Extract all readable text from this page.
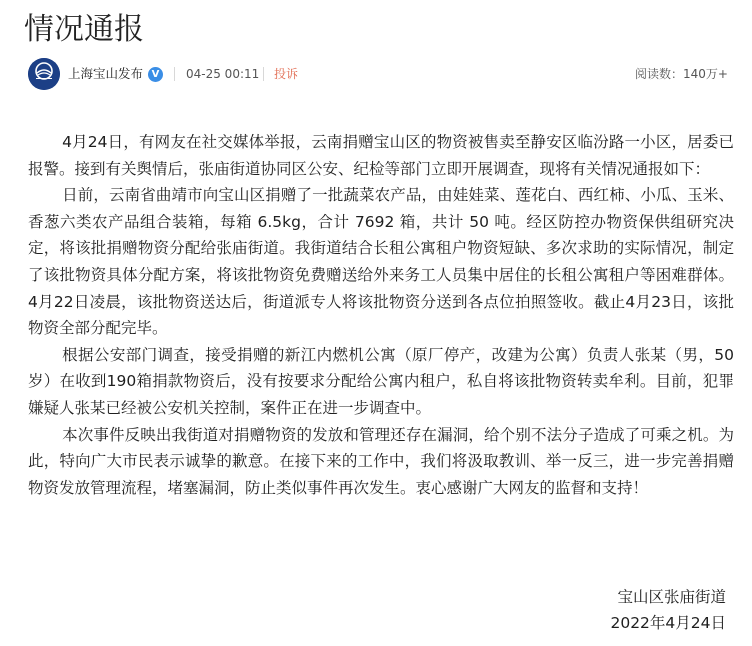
情况通报
上海宝山发布 V	04-25 00:11 投诉	阅读数：140万+

4月24日，有网友在社交媒体举报，云南捐赠宝山区的物资被售卖至静安区临汾路一小区，居委已报警。接到有关舆情后，张庙街道协同区公安、纪检等部门立即开展调查，现将有关情况通报如下：

日前，云南省曲靖市向宝山区捐赠了一批蔬菜农产品，由娃娃菜、莲花白、西红柿、小瓜、玉米、香葱六类农产品组合装箱，每箱 6.5kg，合计 7692 箱，共计 50 吨。经区防控办物资保供组研究决定，将该批捐赠物资分配给张庙街道。我街道结合长租公寓租户物资短缺、多次求助的实际情况，制定了该批物资具体分配方案，将该批物资免费赠送给外来务工人员集中居住的长租公寓租户等困难群体。4月22日凌晨，该批物资送达后，街道派专人将该批物资分送到各点位拍照签收。截止4月23日，该批物资全部分配完毕。

根据公安部门调查，接受捐赠的新江内燃机公寓（原厂停产，改建为公寓）负责人张某（男，50岁）在收到190箱捐款物资后，没有按要求分配给公寓内租户，私自将该批物资转卖牟利。目前，犯罪嫌疑人张某已经被公安机关控制，案件正在进一步调查中。

本次事件反映出我街道对捐赠物资的发放和管理还存在漏洞，给个别不法分子造成了可乘之机。为此，特向广大市民表示诚挚的歉意。在接下来的工作中，我们将汲取教训、举一反三，进一步完善捐赠物资发放管理流程，堵塞漏洞，防止类似事件再次发生。衷心感谢广大网友的监督和支持！

宝山区张庙街道
2022年4月24日
